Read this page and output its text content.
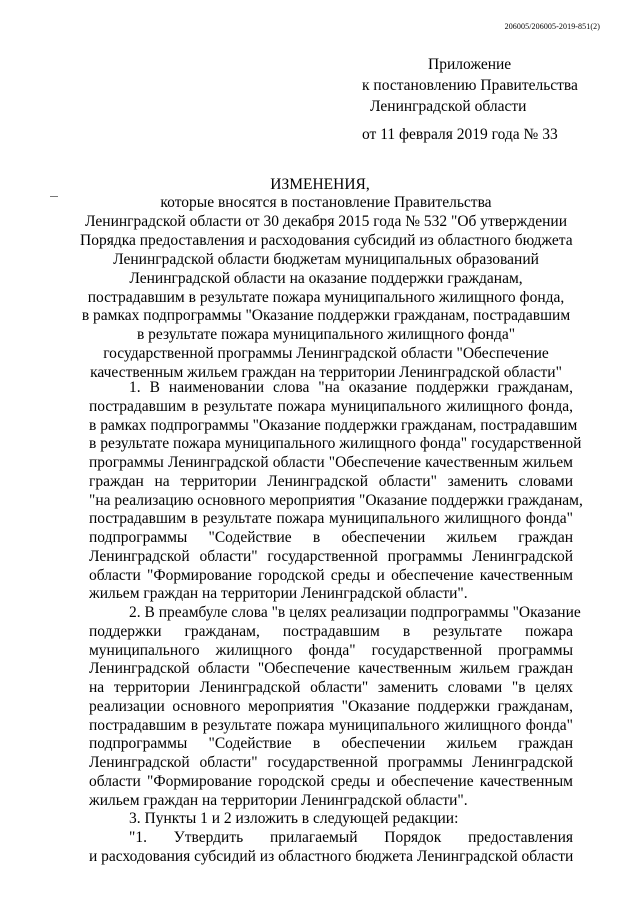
206005/206005-2019-851(2)
Приложение
к постановлению Правительства
Ленинградской области
от 11 февраля 2019 года № 33
ИЗМЕНЕНИЯ,
которые вносятся в постановление Правительства
Ленинградской области от 30 декабря 2015 года № 532 "Об утверждении
Порядка предоставления и расходования субсидий из областного бюджета
Ленинградской области бюджетам муниципальных образований
Ленинградской области на оказание поддержки гражданам,
пострадавшим в результате пожара муниципального жилищного фонда,
в рамках подпрограммы "Оказание поддержки гражданам, пострадавшим
в результате пожара муниципального жилищного фонда"
государственной программы Ленинградской области "Обеспечение
качественным жильем граждан на территории Ленинградской области"
1. В наименовании слова "на оказание поддержки гражданам,
пострадавшим в результате пожара муниципального жилищного фонда,
в рамках подпрограммы "Оказание поддержки гражданам, пострадавшим
в результате пожара муниципального жилищного фонда" государственной
программы Ленинградской области "Обеспечение качественным жильем
граждан на территории Ленинградской области" заменить словами
"на реализацию основного мероприятия "Оказание поддержки гражданам,
пострадавшим в результате пожара муниципального жилищного фонда"
подпрограммы "Содействие в обеспечении жильем граждан
Ленинградской области" государственной программы Ленинградской
области "Формирование городской среды и обеспечение качественным
жильем граждан на территории Ленинградской области".
2. В преамбуле слова "в целях реализации подпрограммы "Оказание
поддержки гражданам, пострадавшим в результате пожара
муниципального жилищного фонда" государственной программы
Ленинградской области "Обеспечение качественным жильем граждан
на территории Ленинградской области" заменить словами "в целях
реализации основного мероприятия "Оказание поддержки гражданам,
пострадавшим в результате пожара муниципального жилищного фонда"
подпрограммы "Содействие в обеспечении жильем граждан
Ленинградской области" государственной программы Ленинградской
области "Формирование городской среды и обеспечение качественным
жильем граждан на территории Ленинградской области".
3. Пункты 1 и 2 изложить в следующей редакции:
"1. Утвердить прилагаемый Порядок предоставления
и расходования субсидий из областного бюджета Ленинградской области
